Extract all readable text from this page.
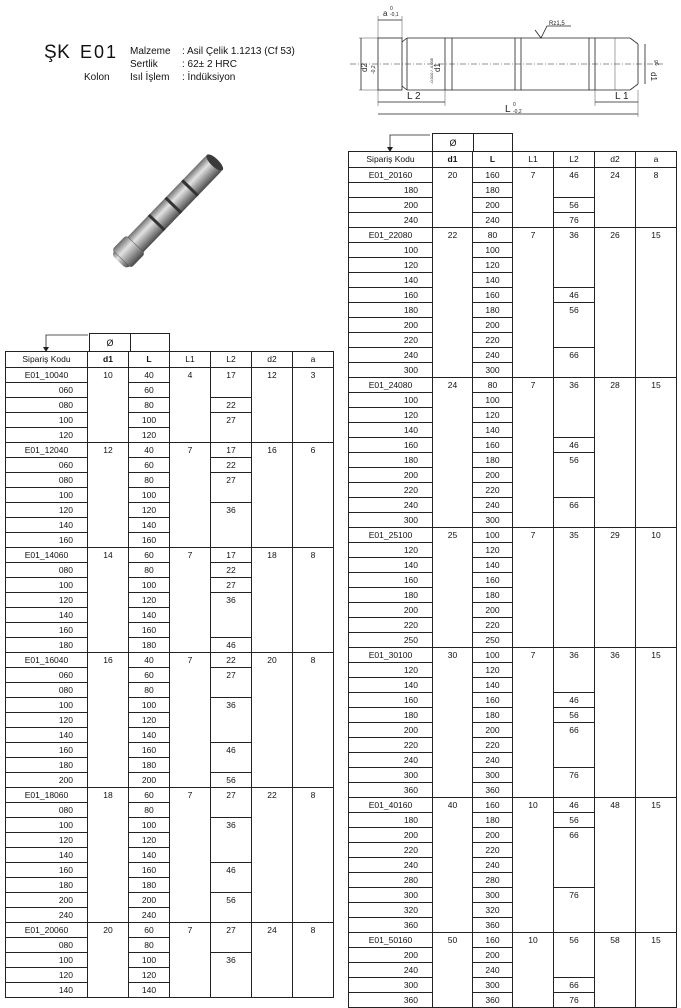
ŞK E01
Kolon
Malzeme : Asil Çelik 1.1213 (Cf 53)
Sertlik : 62± 2 HRC
Isıl İşlem : İndüksiyon
a 0
-0,1
d2 -0,2	d1
-0,010 / -0,005	d1
g6
Rz1,5
L 2	L 1
L 0
-0,2
Ø
Sipariş Kodu	d1	L	L1	L2	d2	a
E01_10040	10	40	4	17	12	3
060		60				
080		80		22		
100		100		27		
120		120				
E01_12040	12	40	7	17	16	6
060		60		22		
080		80		27		
100		100				
120		120		36		
140		140				
160		160				
E01_14060	14	60	7	17	18	8
080		80		22		
100		100		27		
120		120		36		
140		140				
160		160				
180		180		46		
E01_16040	16	40	7	22	20	8
060		60		27		
080		80				
100		100		36		
120		120				
140		140				
160		160		46		
180		180				
200		200		56		
E01_18060	18	60	7	27	22	8
080		80				
100		100		36		
120		120				
140		140				
160		160		46		
180		180				
200		200		56		
240		240				
E01_20060	20	60	7	27	24	8
080		80				
100		100		36		
120		120				
140		140				
Ø
Sipariş Kodu	d1	L	L1	L2	d2	a
E01_20160	20	160	7	46	24	8
180		180				
200		200		56		
240		240		76		
E01_22080	22	80	7	36	26	15
100		100				
120		120				
140		140				
160		160		46		
180		180		56		
200		200				
220		220				
240		240		66		
300		300				
E01_24080	24	80	7	36	28	15
100		100				
120		120				
140		140				
160		160		46		
180		180		56		
200		200				
220		220				
240		240		66		
300		300				
E01_25100	25	100	7	35	29	10
120		120				
140		140				
160		160				
180		180				
200		200				
220		220				
250		250				
E01_30100	30	100	7	36	36	15
120		120				
140		140				
160		160		46		
180		180		56		
200		200		66		
220		220				
240		240				
300		300		76		
360		360				
E01_40160	40	160	10	46	48	15
180		180		56		
200		200		66		
220		220				
240		240				
280		280				
300		300		76		
320		320				
360		360				
E01_50160	50	160	10	56	58	15
200		200				
240		240				
300		300		66		
360		360		76		
